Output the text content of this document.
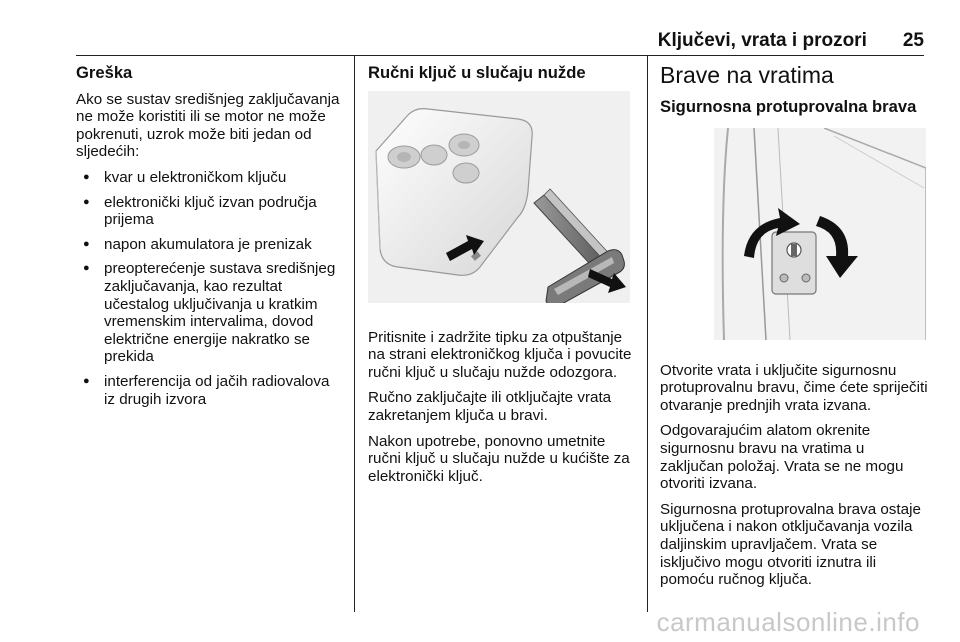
Ključevi, vrata i prozori 25
Greška

Ako se sustav središnjeg zaključavanja ne može koristiti ili se motor ne može pokrenuti, uzrok može biti jedan od sljedećih:

● kvar u elektroničkom ključu
● elektronički ključ izvan područja prijema
● napon akumulatora je prenizak
● preopterećenje sustava središnjeg zaključavanja, kao rezultat učestalog uključivanja u kratkim vremenskim intervalima, dovod električne energije nakratko se prekida
● interferencija od jačih radiovalova iz drugih izvora
Ručni ključ u slučaju nužde

Pritisnite i zadržite tipku za otpuštanje na strani elektroničkog ključa i povucite ručni ključ u slučaju nužde odozgora.

Ručno zaključajte ili otključajte vrata zakretanjem ključa u bravi.

Nakon upotrebe, ponovno umetnite ručni ključ u slučaju nužde u kućište za elektronički ključ.

Brave na vratima
Sigurnosna protuprovalna brava

Otvorite vrata i uključite sigurnosnu protuprovalnu bravu, čime ćete spriječiti otvaranje prednjih vrata izvana.

Odgovarajućim alatom okrenite sigurnosnu bravu na vratima u zaključan položaj. Vrata se ne mogu otvoriti izvana.

Sigurnosna protuprovalna brava ostaje uključena i nakon otključavanja vozila daljinskim upravljačem. Vrata se isključivo mogu otvoriti iznutra ili pomoću ručnog ključa.

carmanualsonline.info
